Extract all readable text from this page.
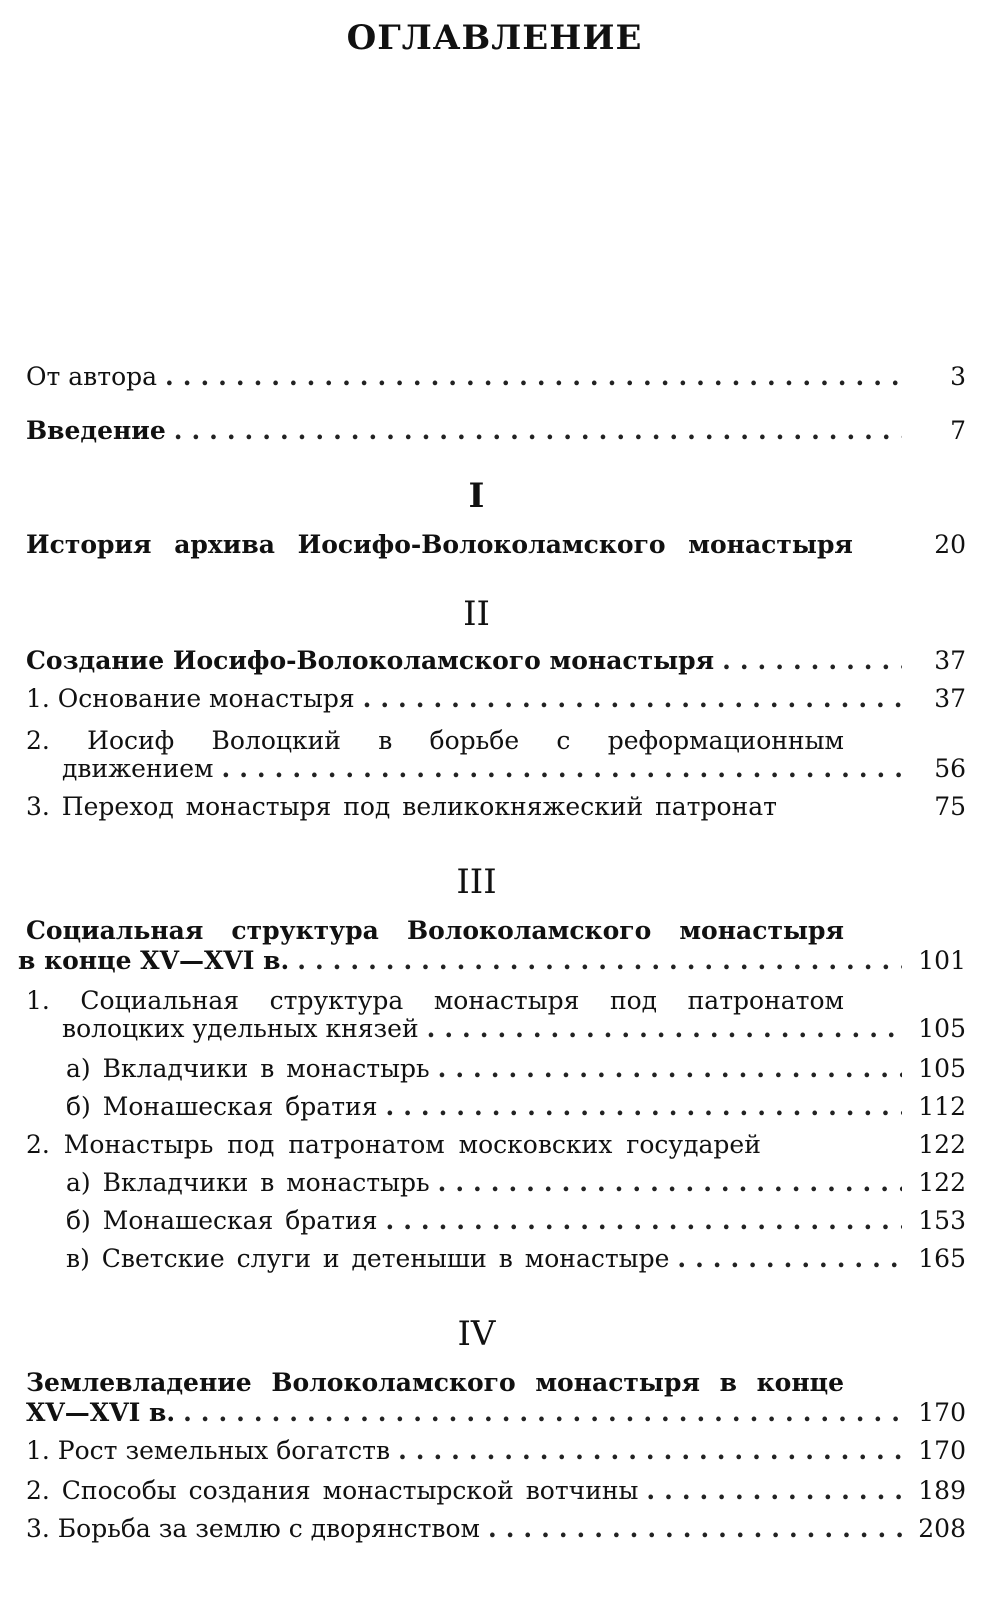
ОГЛАВЛЕНИЕ
От автора .....	3
Введение .....	7
I
История архива Иосифо-Волоколамского монастыря	20
II
Создание Иосифо-Волоколамского монастыря .....	37
1. Основание монастыря .....	37
2. Иосиф Волоцкий в борьбе с реформационным
движением .....	56
3. Переход монастыря под великокняжеский патронат	75
III
Социальная структура Волоколамского монастыря
в конце XV—XVI в. .....	101
1. Социальная структура монастыря под патронатом
волоцких удельных князей .....	105
а) Вкладчики в монастырь .....	105
б) Монашеская братия .....	112
2. Монастырь под патронатом московских государей	122
а) Вкладчики в монастырь .....	122
б) Монашеская братия .....	153
в) Светские слуги и детеныши в монастыре .....	165
IV
Землевладение Волоколамского монастыря в конце
XV—XVI в. .....	170
1. Рост земельных богатств .....	170
2. Способы создания монастырской вотчины .....	189
3. Борьба за землю с дворянством .....	208
